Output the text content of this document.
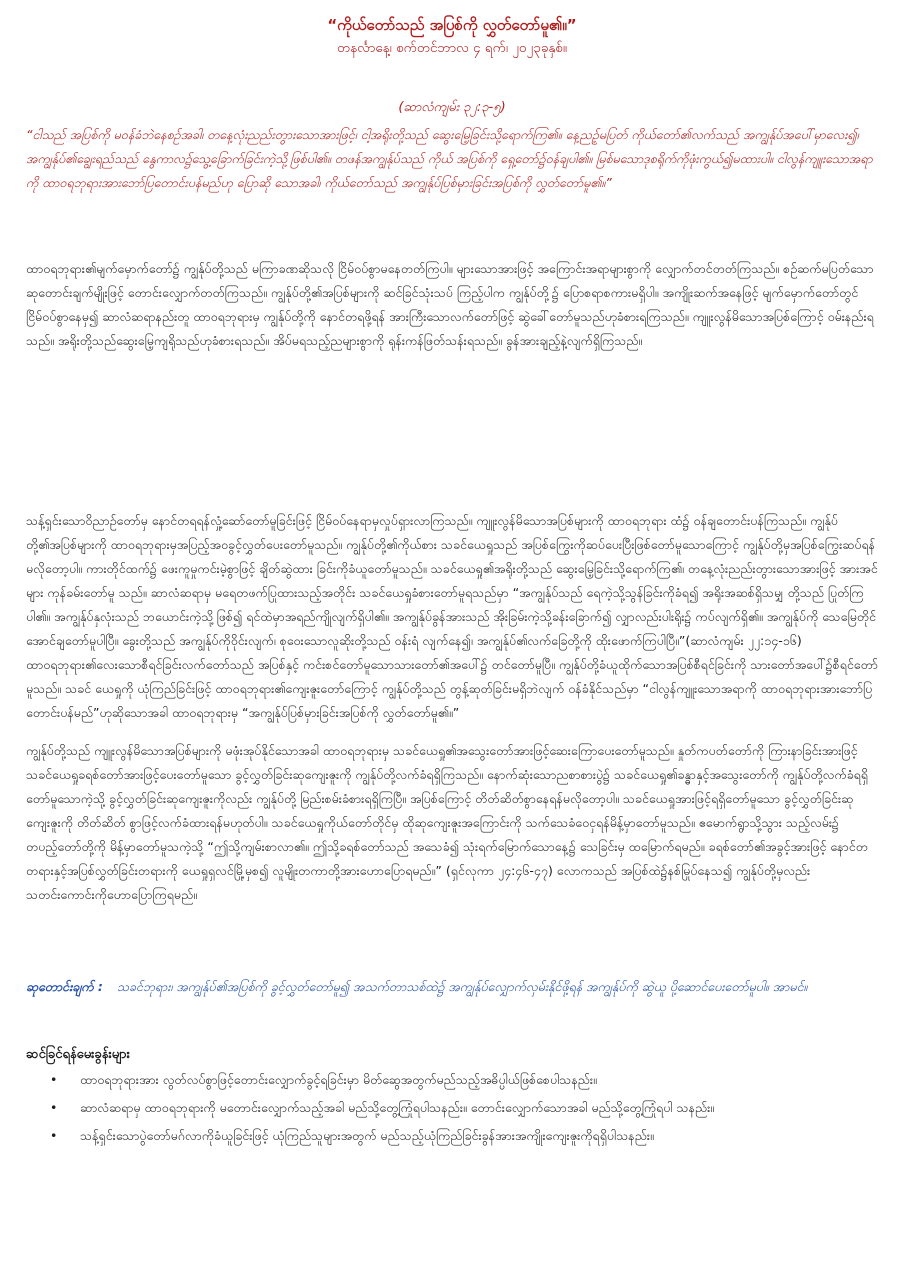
“ကိုယ်တော်သည် အပြစ်ကို လွှတ်တော်မူ၏။”
တနင်္လာနေ့၊ စက်တင်ဘာလ ၄ ရက်၊ ၂၀၂၃ခုနှစ်။
(ဆာလံကျမ်း ၃၂:၃-၅)
“ငါသည် အပြစ်ကို မဝန်ခံဘဲနေစဉ်အခါ၊ တနေ့လုံးညည်းတွားသောအားဖြင့်၊ ငါ့အရိုးတို့သည် ဆွေးမြေ့ခြင်းသို့ရောက်ကြ၏။ နေ့ညဉ့်မပြတ် ကိုယ်တော်၏လက်သည် အကျွန်ုပ်အပေါ်မှာလေး၍၊ အကျွန်ုပ်၏ချွေးရည်သည် နွေကာလ၌သွေ့ခြောက်ခြင်းကဲ့သို့ဖြစ်ပါ၏။ တဖန်အကျွန်ုပ်သည် ကိုယ် အပြစ်ကို ရှေ့တော်၌ဝန်ချပါ၏။ မြစ်မသောဒုစရိုက်ကိုဖုံးကွယ်၍မထားပါ။ ငါလွန်ကျူးသောအရာကို ထာဝရဘုရားအားဘော်ပြတောင်းပန်မည်ဟု ပြောဆို သောအခါ၊ ကိုယ်တော်သည် အကျွန်ုပ်ပြစ်မှားခြင်းအပြစ်ကို လွှတ်တော်မူ၏။”
ထာဝရဘုရား၏မျက်မှောက်တော်၌ ကျွန်ုပ်တို့သည် မကြာခဏဆိုသလို ငြိမ်ဝပ်စွာမနေတတ်ကြပါ။ များသောအားဖြင့် အကြောင်းအရာများစွာကို လျှောက်တင်တတ်ကြသည်။ စဉ်ဆက်မပြတ်သောဆုတောင်းချက်မျိုးဖြင့် တောင်းလျှောက်တတ်ကြသည်။ ကျွန်ုပ်တို့၏အပြစ်များကို ဆင်ခြင်သုံးသပ် ကြည့်ပါက ကျွန်ုပ်တို့၌ ပြောစရာစကားမရှိပါ။ အကျိုးဆက်အနေဖြင့် မျက်မှောက်တော်တွင် ငြိမ်ဝပ်စွာနေမှ၍ ဆာလံဆရာနည်းတူ ထာဝရဘုရားမှ ကျွန်ုပ်တို့ကို နောင်တရဖို့ရန် အားကြီးသောလက်တော်ဖြင့် ဆွဲခေါ်တော်မူသည်ဟုခံစားရကြသည်။ ကျူးလွန်မိသောအပြစ်ကြောင့် ဝမ်းနည်းရသည်။ အရိုးတို့သည်ဆွေးမြေ့ကျရိုသည်ဟုခံစားရသည်။ အိပ်မရသည့်ညများစွာကို ရုန်းကန်ဖြတ်သန်းရသည်။ ခွန်အားချည့်နဲ့လျက်ရှိကြသည်။
သန့်ရှင်းသောဝိညာဉ်တော်မှ နောင်တရရန်လှုံ့ဆော်တော်မူခြင်းဖြင့် ငြိမ်ဝပ်နေရာမှလှုပ်ရှားလာကြသည်။ ကျူးလွန်မိသောအပြစ်များကို ထာဝရဘုရား ထံ၌ ဝန်ချတောင်းပန်ကြသည်။ ကျွန်ုပ်တို့၏အပြစ်များကို ထာဝရဘုရားမှအပြည့်အဝခွင့်လွှတ်ပေးတော်မူသည်။ ကျွန်ုပ်တို့၏ကိုယ်စား သခင်ယေရှုသည် အပြစ်ကြွေးကိုဆပ်ပေးပြီးဖြစ်တော်မူသောကြောင့် ကျွန်ုပ်တို့မှအပြစ်ကြွေးဆပ်ရန်မလိုတော့ပါ။ ကားတိုင်ထက်၌ ဖေးကူမှုကင်းမဲ့စွာဖြင့် ချိတ်ဆွဲထား ခြင်းကိုခံယူတော်မူသည်။ သခင်ယေရှု၏အရိုးတို့သည် ဆွေးမြေ့ခြင်းသို့ရောက်ကြ၏၊ တနေ့လုံးညည်းတွားသောအားဖြင့် အားအင်များ ကုန်ခမ်းတော်မူ သည်။ ဆာလံဆရာမှ မရေတဖက်ပြုထားသည့်အတိုင်း သခင်ယေရှုခံစားတော်မူရသည်မှာ “အကျွန်ုပ်သည် ရေကဲ့သို့သွန်ခြင်းကိုခံရ၍ အရိုးအဆစ်ရှိသမျှ တို့သည် ပြုတ်ကြပါ၏။ အကျွန်ုပ်နှလုံးသည် ဘယောင်းကဲ့သို့ဖြစ်၍ ရင်ထဲမှာအရည်ကျိုလျက်ရှိပါ၏။ အကျွန်ုပ်ခွန်အားသည် အိုးခြမ်းကဲ့သို့ခန်းခြောက်၍ လျှာလည်းပါးရိုး၌ ကပ်လျက်ရှိ၏။ အကျွန်ုပ်ကို သေမြေတိုင်အောင်ချတော်မူပါပြီ။ ခွေးတို့သည် အကျွန်ုပ်ကိုဝိုင်းလျက်၊ စုဝေးသောလူဆိုးတို့သည် ဝန်းရံ လျက်နေ၍၊ အကျွန်ုပ်၏လက်ခြေတို့ကို ထိုးဖောက်ကြပါပြီ။”(ဆာလံကျမ်း ၂၂:၁၄-၁၆) ထာဝရဘုရား၏လေးသောစီရင်ခြင်းလက်တော်သည် အပြစ်နှင့် ကင်းစင်တော်မူသောသားတော်၏အပေါ်၌ တင်တော်မူပြီ။ ကျွန်ုပ်တို့ခံယူထိုက်သောအပြစ်စီရင်ခြင်းကို သားတော်အပေါ်၌စီရင်တော်မူသည်။ သခင် ယေရှုကို ယုံကြည်ခြင်းဖြင့် ထာဝရဘုရား၏ကျေးဇူးတော်ကြောင့် ကျွန်ုပ်တို့သည် တွန့်ဆုတ်ခြင်းမရှိဘဲလျက် ဝန်ခံနိုင်သည်မှာ “ငါလွန်ကျူးသောအရာကို ထာဝရဘုရားအားဘော်ပြတောင်းပန်မည်”ဟုဆိုသောအခါ ထာဝရဘုရားမှ “အကျွန်ုပ်ပြစ်မှားခြင်းအပြစ်ကို လွှတ်တော်မူ၏။”
ကျွန်ုပ်တို့သည် ကျူးလွန်မိသောအပြစ်များကို မဖုံးအုပ်နိုင်သောအခါ ထာဝရဘုရားမှ သခင်ယေရှု၏အသွေးတော်အားဖြင့်ဆေးကြောပေးတော်မူသည်။ နှုတ်ကပတ်တော်ကို ကြားနာခြင်းအားဖြင့် သခင်ယေရှုခရစ်တော်အားဖြင့်ပေးတော်မူသော ခွင့်လွှတ်ခြင်းဆုကျေးဇူးကို ကျွန်ုပ်တို့လက်ခံရရှိကြသည်။ နောက်ဆုံးသောညစာစားပွဲ၌ သခင်ယေရှု၏ခန္ဓာနှင့်အသွေးတော်ကို ကျွန်ုပ်တို့လက်ခံရရှိတော်မူသောကဲ့သို့ ခွင့်လွှတ်ခြင်းဆုကျေးဇူးကိုလည်း ကျွန်ုပ်တို့ မြည်းစမ်းခံစားရရှိကြပြီ။ အပြစ်ကြောင့် တိတ်ဆိတ်စွာနေရန်မလိုတော့ပါ။ သခင်ယေရှုအားဖြင့်ရရှိတော်မူသော ခွင့်လွှတ်ခြင်းဆုကျေးဇူးကို တိတ်ဆိတ် စွာဖြင့်လက်ခံထားရန်မဟုတ်ပါ။ သခင်ယေရှုကိုယ်တော်တိုင်မှ ထိုဆုကျေးဇူးအကြောင်းကို သက်သေခံဝေငှရန်မိန့်မှာတော်မူသည်။ ဧမောက်ရွာသို့သွား သည့်လမ်း၌ တပည့်တော်တို့ကို မိန့်မှာတော်မူသကဲ့သို့ “ဤသို့ကျမ်းစာလာ၏။ ဤသို့ခရစ်တော်သည် အသေခံ၍ သုံးရက်မြောက်သောနေ့၌ သေခြင်းမှ ထမြောက်ရမည်။ ခရစ်တော်၏အခွင့်အားဖြင့် နောင်တတရားနှင့်အပြစ်လွှတ်ခြင်းတရားကို ယေရှုရှလင်မြို့မှစ၍ လူမျိုးတကာတို့အားဟောပြောရမည်။” (ရှင်လုကာ ၂၄:၄၆-၄၇) လောကသည် အပြစ်ထဲ၌နစ်မြုပ်နေသ၍ ကျွန်ုပ်တို့မှလည်း သတင်းကောင်းကိုဟောပြောကြရမည်။
ဆုတောင်းချက် : သခင်ဘုရား၊ အကျွန်ုပ်၏အပြစ်ကို ခွင့်လွှတ်တော်မူ၍ အသက်တာသစ်ထဲ၌ အကျွန်ုပ်လျှောက်လှမ်းနိုင်ဖို့ရန် အကျွန်ုပ်ကို ဆွဲယူ ပို့ဆောင်ပေးတော်မူပါ။ အာမင်။
ဆင်ခြင်ရန်မေးခွန်းများ
• ထာဝရဘုရားအား လွတ်လပ်စွာဖြင့်တောင်းလျှောက်ခွင့်ရခြင်းမှာ မိတ်ဆွေအတွက်မည်သည့်အဓိပ္ပါယ်ဖြစ်စေပါသနည်း။
• ဆာလံဆရာမှ ထာဝရဘုရားကို မတောင်းလျှောက်သည့်အခါ မည်သို့တွေ့ကြုံရပါသနည်း။ တောင်းလျှောက်သောအခါ မည်သို့တွေ့ကြုံရပါ သနည်း။
• သန့်ရှင်းသောပွဲတော်မဂ်လာကိုခံယူခြင်းဖြင့် ယုံကြည်သူများအတွက် မည်သည့်ယုံကြည်ခြင်းခွန်အားအကျိုးကျေးဇူးကိုရရှိပါသနည်း။
